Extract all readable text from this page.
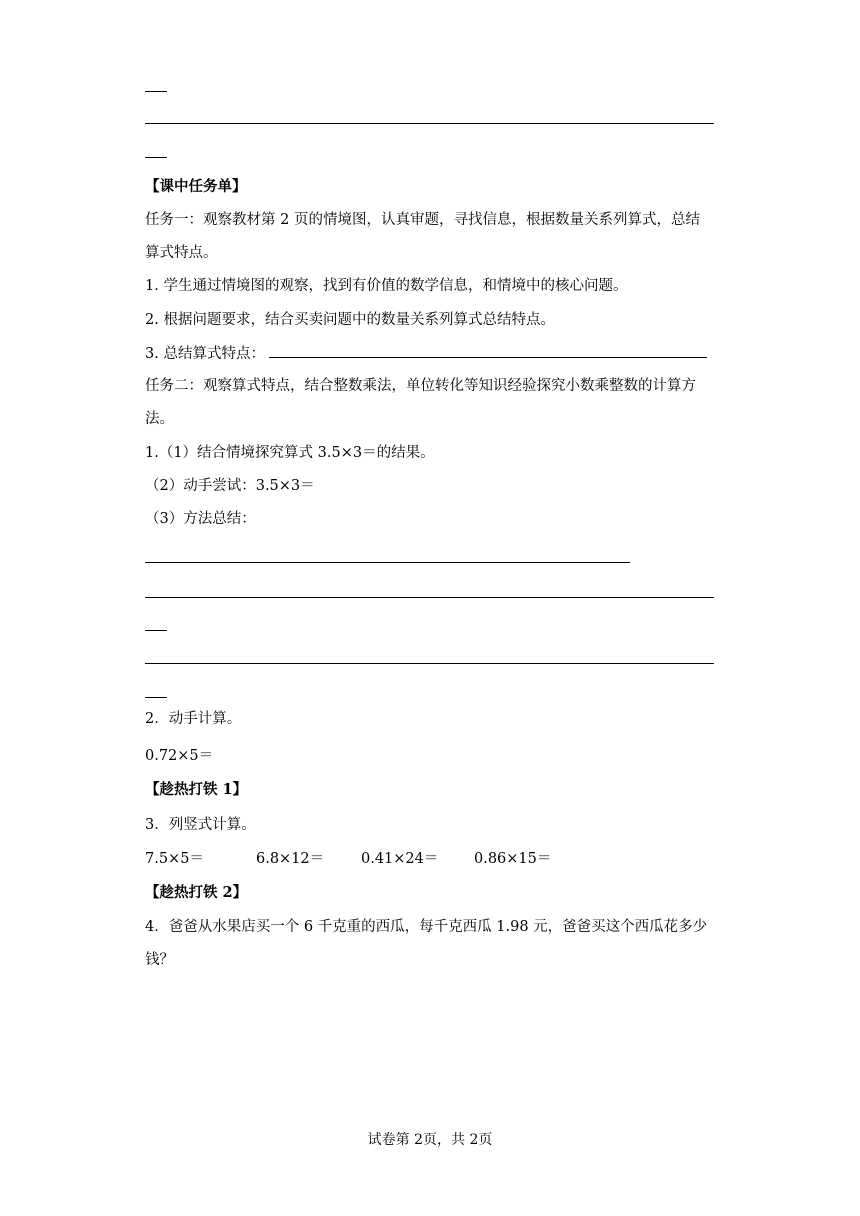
【课中任务单】
任务一：观察教材第 2 页的情境图，认真审题，寻找信息，根据数量关系列算式，总结
算式特点。
1. 学生通过情境图的观察，找到有价值的数学信息，和情境中的核心问题。
2. 根据问题要求，结合买卖问题中的数量关系列算式总结特点。
3. 总结算式特点：
任务二：观察算式特点，结合整数乘法，单位转化等知识经验探究小数乘整数的计算方
法。
1.（1）结合情境探究算式 3.5×3＝的结果。
（2）动手尝试：3.5×3＝
（3）方法总结：
2．动手计算。
0.72×5＝
【趁热打铁 1】
3．列竖式计算。
7.5×5＝	6.8×12＝	0.41×24＝ 0.86×15＝
【趁热打铁 2】
4．爸爸从水果店买一个 6 千克重的西瓜，每千克西瓜 1.98 元，爸爸买这个西瓜花多少
钱？
试卷第 2页，共 2页
